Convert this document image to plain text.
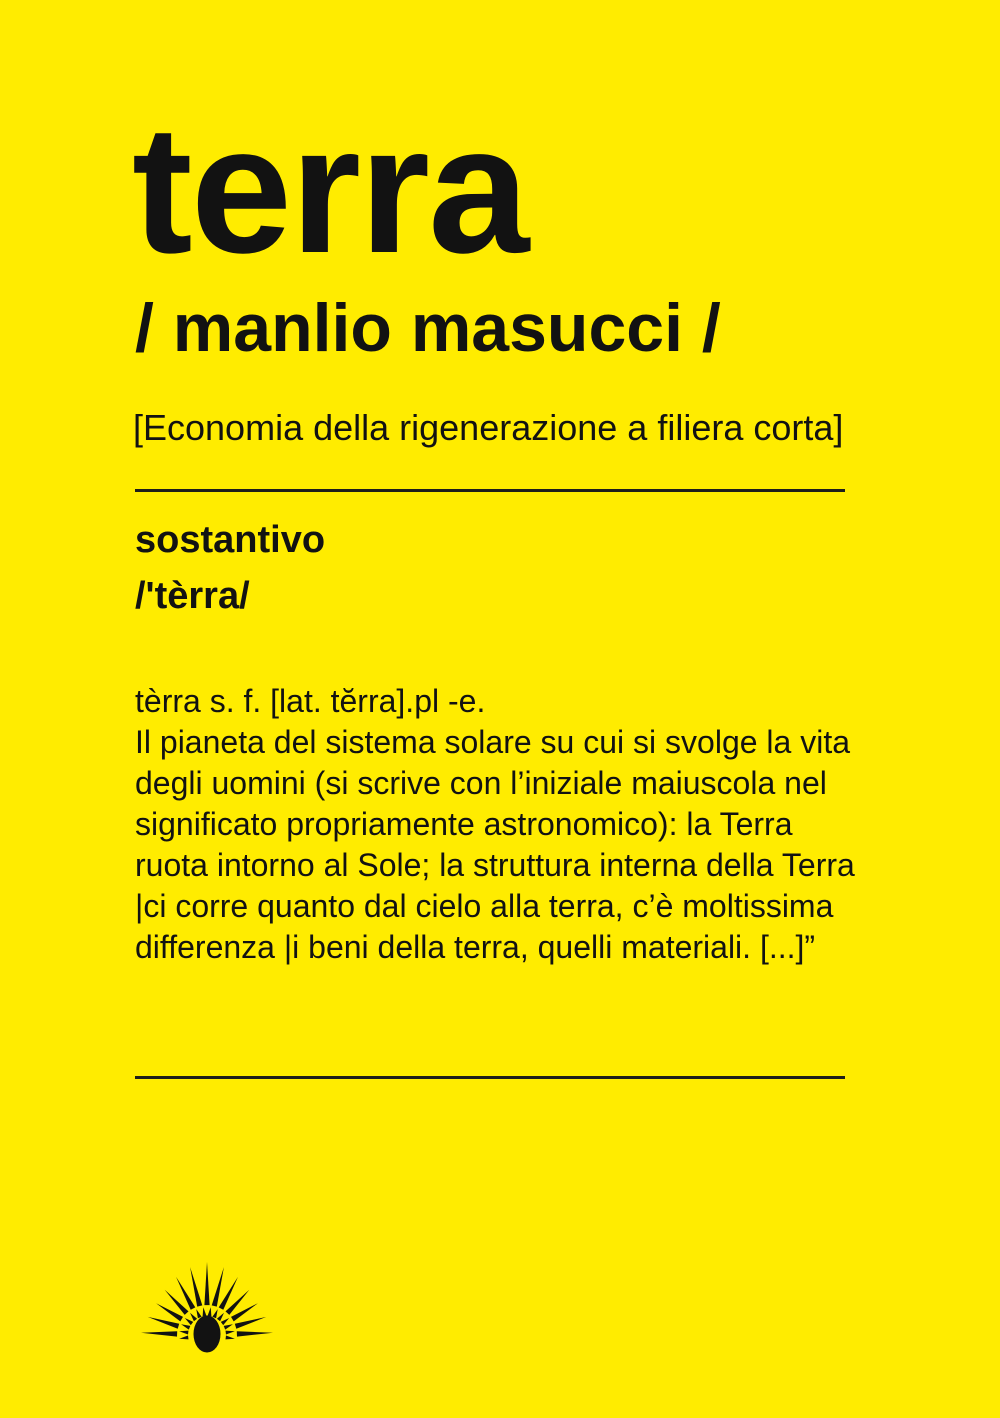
terra
/ manlio masucci /
[Economia della rigenerazione a filiera corta]
sostantivo
/'tèrra/
tèrra s. f. [lat. tĕrra].pl -e.
Il pianeta del sistema solare su cui si svolge la vita
degli uomini (si scrive con l’iniziale maiuscola nel
significato propriamente astronomico): la Terra
ruota intorno al Sole; la struttura interna della Terra
|ci corre quanto dal cielo alla terra, c’è moltissima
differenza |i beni della terra, quelli materiali. [...]”
